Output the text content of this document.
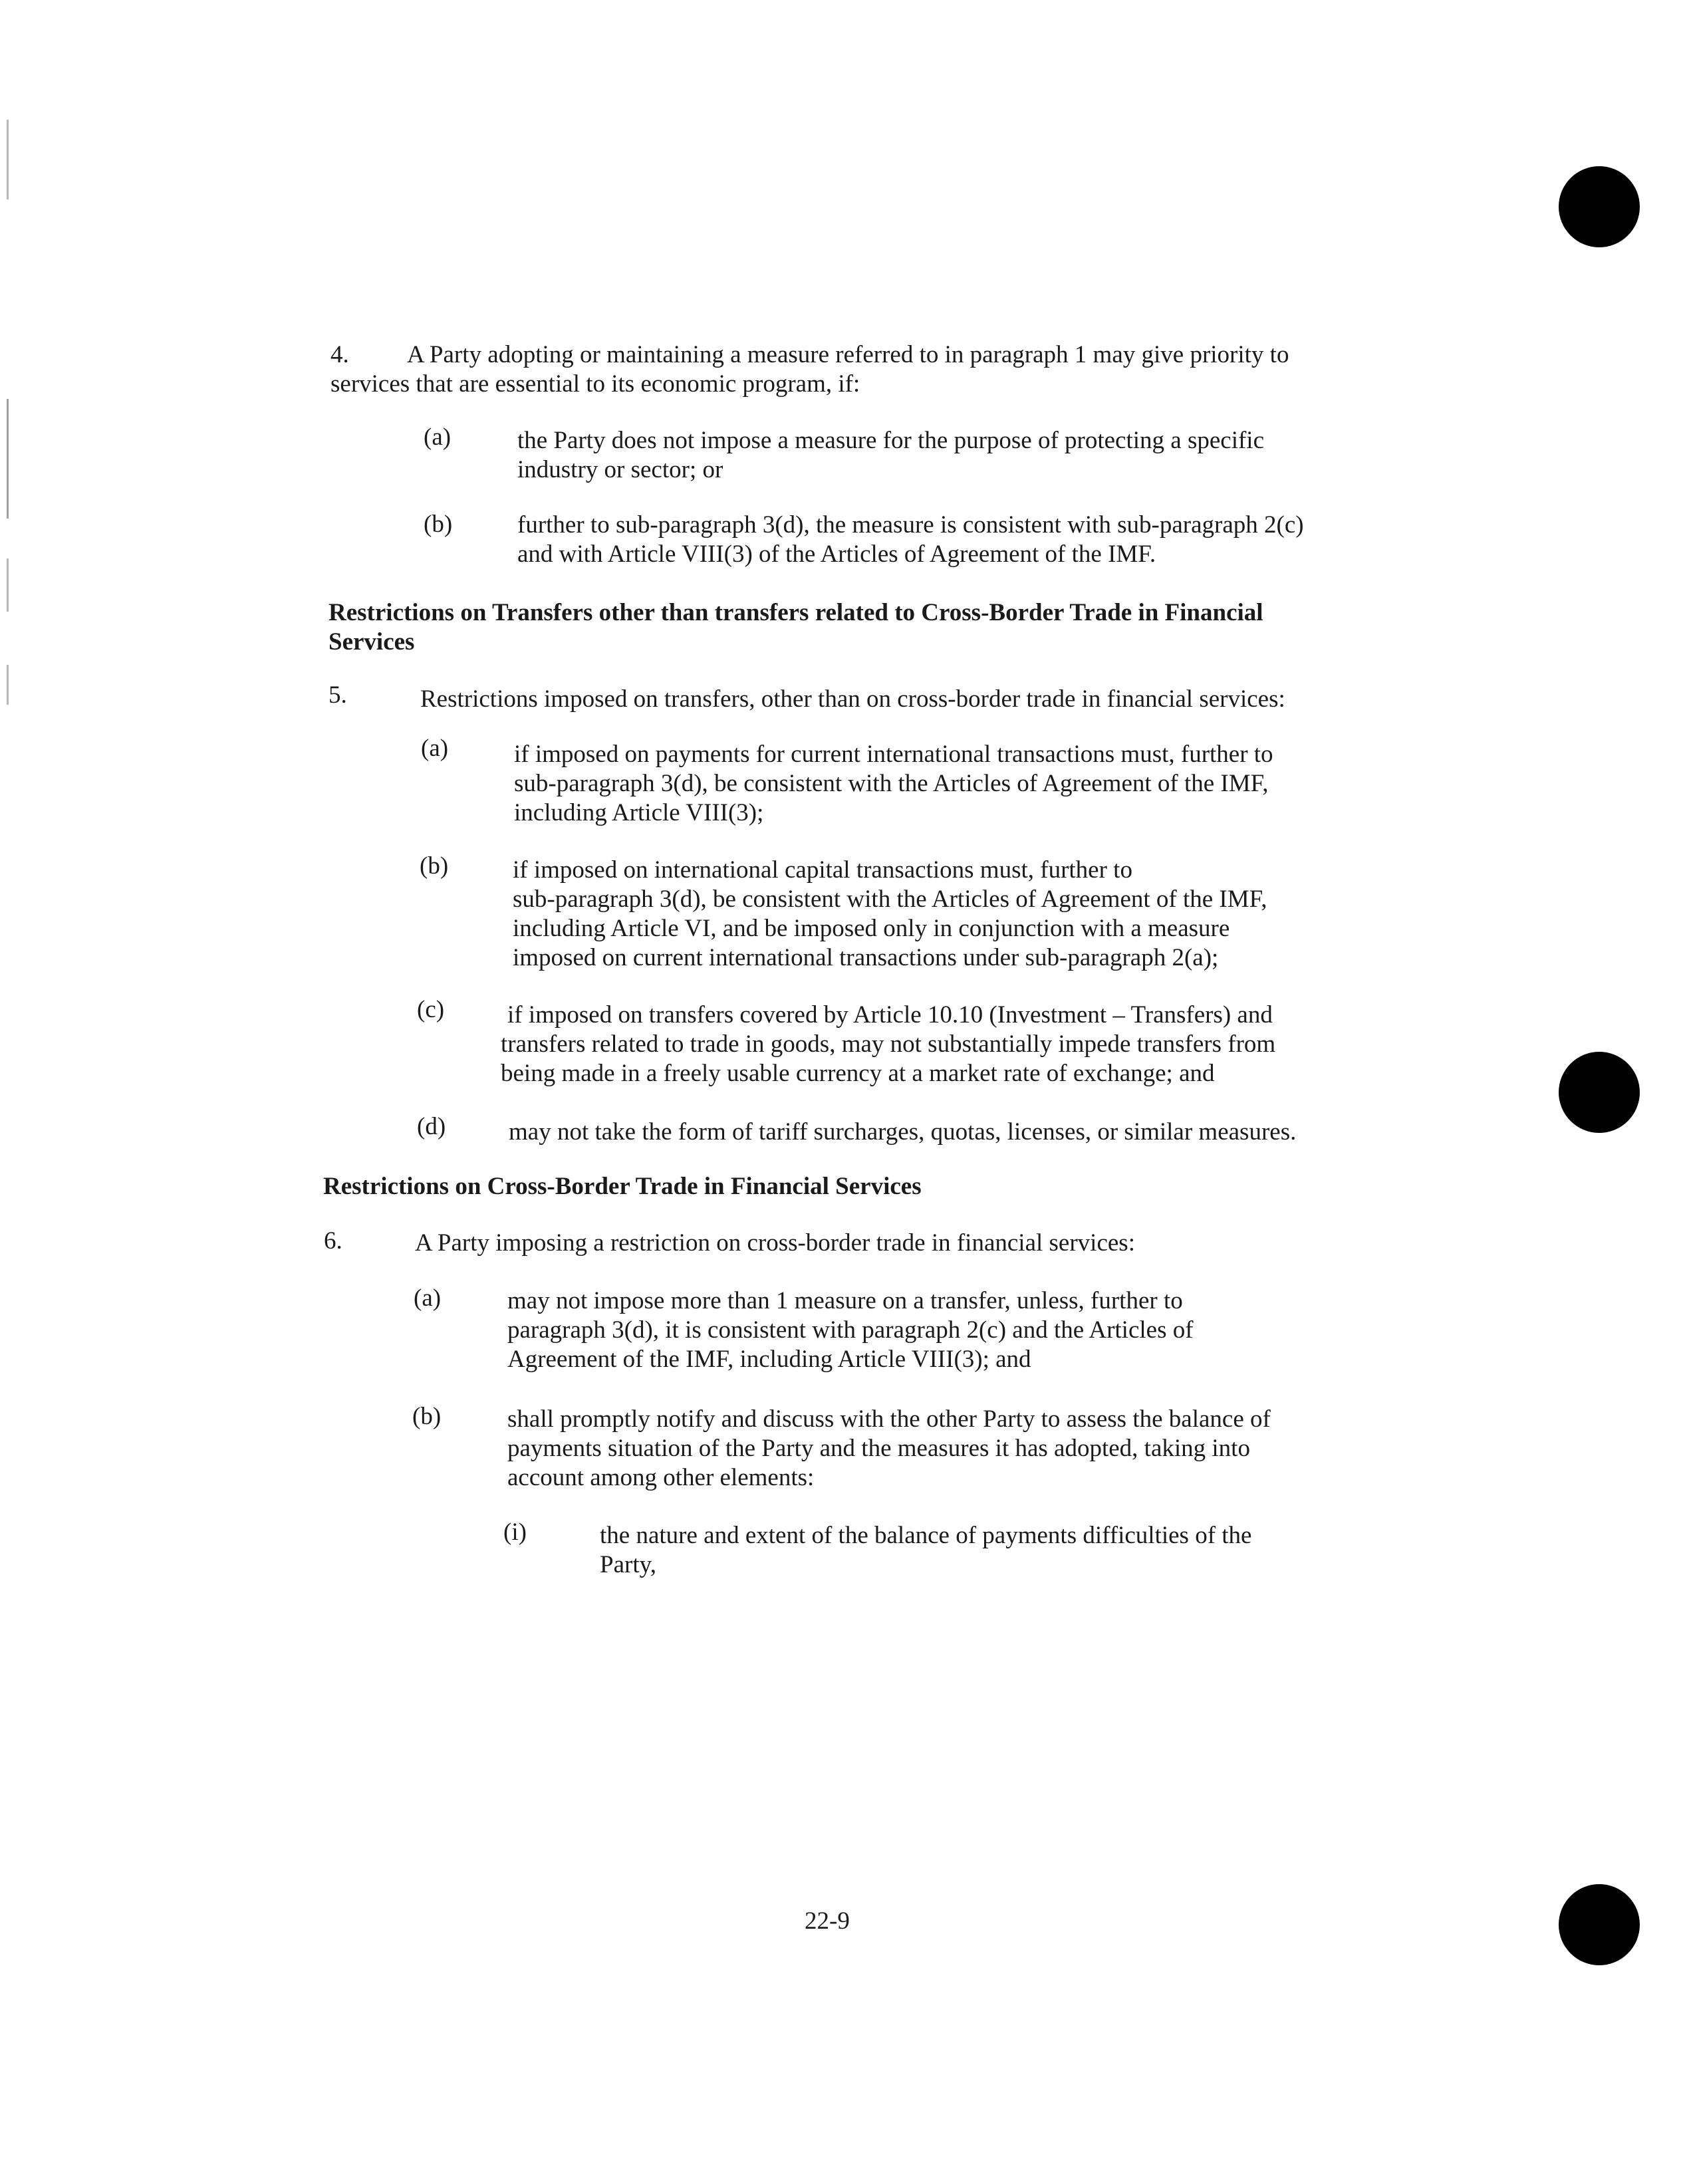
4.	A Party adopting or maintaining a measure referred to in paragraph 1 may give priority to

services that are essential to its economic program, if:

(a)	the Party does not impose a measure for the purpose of protecting a specific

industry or sector; or

(b)	further to sub-paragraph 3(d), the measure is consistent with sub-paragraph 2(c)

and with Article VIII(3) of the Articles of Agreement of the IMF.

Restrictions on Transfers other than transfers related to Cross-Border Trade in Financial

Services

5.	Restrictions imposed on transfers, other than on cross-border trade in financial services:
(a)	if imposed on payments for current international transactions must, further to

sub-paragraph 3(d), be consistent with the Articles of Agreement of the IMF,

including Article VIII(3);

(b)	if imposed on international capital transactions must, further to

sub-paragraph 3(d), be consistent with the Articles of Agreement of the IMF,

including Article VI, and be imposed only in conjunction with a measure

imposed on current international transactions under sub-paragraph 2(a);

(c)	if imposed on transfers covered by Article 10.10 (Investment – Transfers) and

transfers related to trade in goods, may not substantially impede transfers from

being made in a freely usable currency at a market rate of exchange; and

(d)	may not take the form of tariff surcharges, quotas, licenses, or similar measures.
Restrictions on Cross-Border Trade in Financial Services
6.	A Party imposing a restriction on cross-border trade in financial services:
(a)	may not impose more than 1 measure on a transfer, unless, further to

paragraph 3(d), it is consistent with paragraph 2(c) and the Articles of

Agreement of the IMF, including Article VIII(3); and

(b)	shall promptly notify and discuss with the other Party to assess the balance of

payments situation of the Party and the measures it has adopted, taking into

account among other elements:

(i)	the nature and extent of the balance of payments difficulties of the

Party,

22-9
